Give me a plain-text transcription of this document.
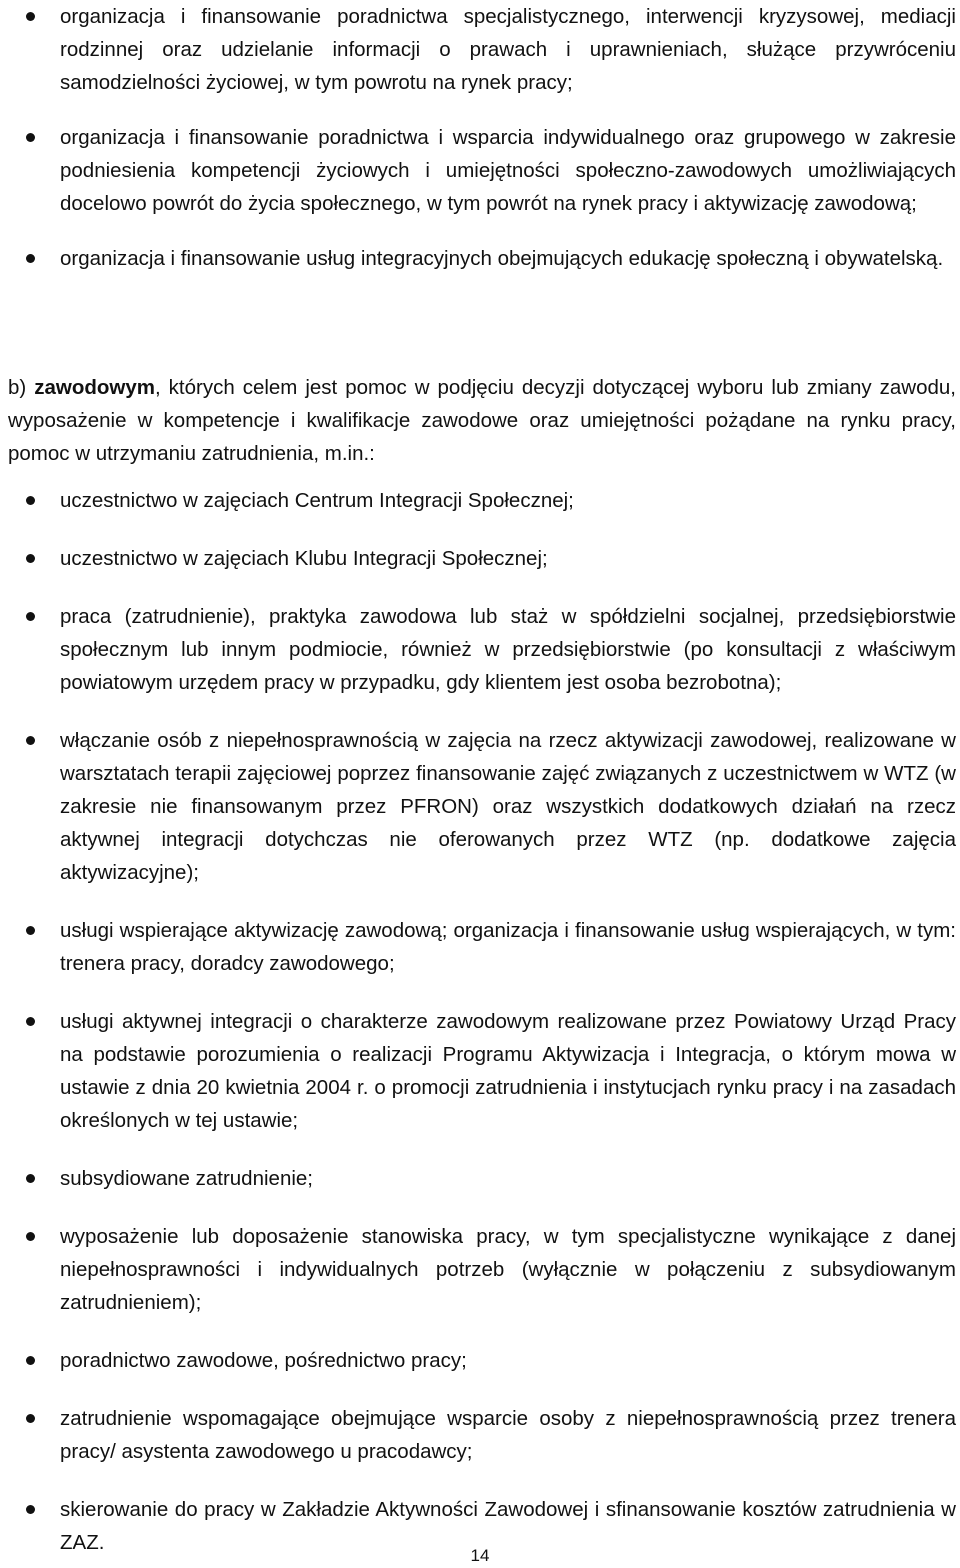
organizacja i finansowanie poradnictwa specjalistycznego, interwencji kryzysowej, mediacji rodzinnej oraz udzielanie informacji o prawach i uprawnieniach, służące przywróceniu samodzielności życiowej, w tym powrotu na rynek pracy;
organizacja i finansowanie poradnictwa i wsparcia indywidualnego oraz grupowego w zakresie podniesienia kompetencji życiowych i umiejętności społeczno-zawodowych umożliwiających docelowo powrót do życia społecznego, w tym powrót na rynek pracy i aktywizację zawodową;
organizacja i finansowanie usług integracyjnych obejmujących edukację społeczną i obywatelską.

b) zawodowym, których celem jest pomoc w podjęciu decyzji dotyczącej wyboru lub zmiany zawodu, wyposażenie w kompetencje i kwalifikacje zawodowe oraz umiejętności pożądane na rynku pracy, pomoc w utrzymaniu zatrudnienia, m.in.:

uczestnictwo w zajęciach Centrum Integracji Społecznej;
uczestnictwo w zajęciach Klubu Integracji Społecznej;
praca (zatrudnienie), praktyka zawodowa lub staż w spółdzielni socjalnej, przedsiębiorstwie społecznym lub innym podmiocie, również w przedsiębiorstwie (po konsultacji z właściwym powiatowym urzędem pracy w przypadku, gdy klientem jest osoba bezrobotna);
włączanie osób z niepełnosprawnością w zajęcia na rzecz aktywizacji zawodowej, realizowane w warsztatach terapii zajęciowej poprzez finansowanie zajęć związanych z uczestnictwem w WTZ (w zakresie nie finansowanym przez PFRON) oraz wszystkich dodatkowych działań na rzecz aktywnej integracji dotychczas nie oferowanych przez WTZ (np. dodatkowe zajęcia aktywizacyjne);
usługi wspierające aktywizację zawodową; organizacja i finansowanie usług wspierających, w tym: trenera pracy, doradcy zawodowego;
usługi aktywnej integracji o charakterze zawodowym realizowane przez Powiatowy Urząd Pracy na podstawie porozumienia o realizacji Programu Aktywizacja i Integracja, o którym mowa w ustawie z dnia 20 kwietnia 2004 r. o promocji zatrudnienia i instytucjach rynku pracy i na zasadach określonych w tej ustawie;
subsydiowane zatrudnienie;
wyposażenie lub doposażenie stanowiska pracy, w tym specjalistyczne wynikające z danej niepełnosprawności i indywidualnych potrzeb (wyłącznie w połączeniu z subsydiowanym zatrudnieniem);
poradnictwo zawodowe, pośrednictwo pracy;
zatrudnienie wspomagające obejmujące wsparcie osoby z niepełnosprawnością przez trenera pracy/ asystenta zawodowego u pracodawcy;
skierowanie do pracy w Zakładzie Aktywności Zawodowej i sfinansowanie kosztów zatrudnienia w ZAZ.
14
